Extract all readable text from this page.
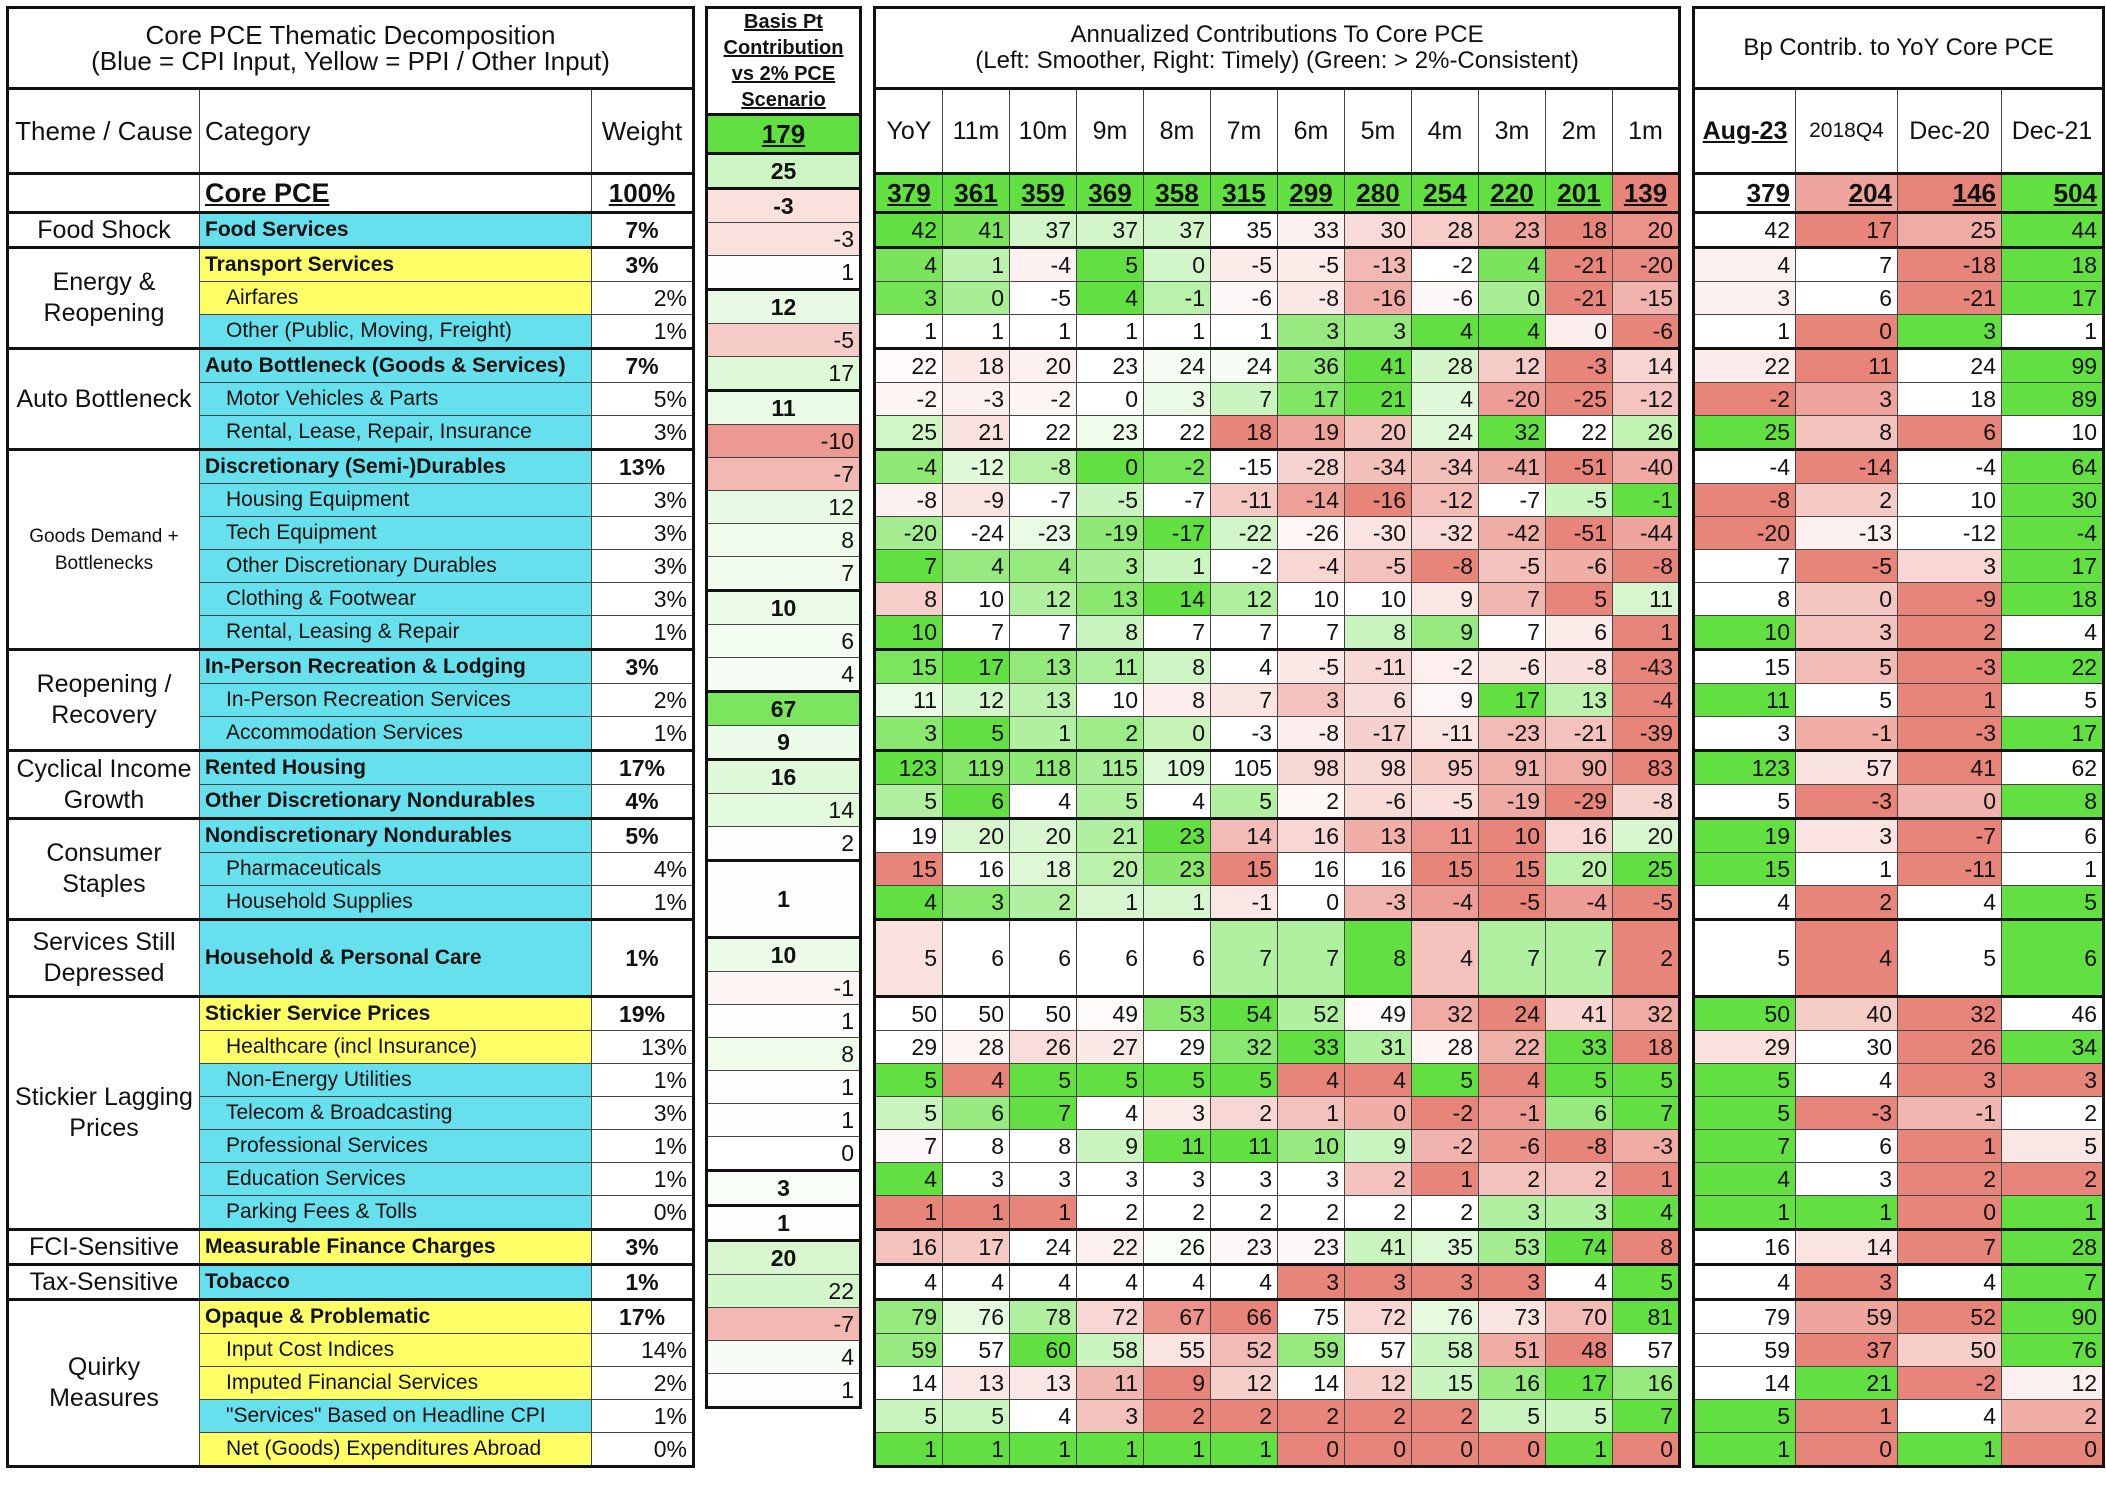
Core PCE Thematic Decomposition
(Blue = CPI Input, Yellow = PPI / Other Input)		

Theme / Cause	Category	Weight
	Core PCE	100%
Food Shock	Food Services	7%
Energy & Reopening	Transport Services	3%
	Airfares	2%
	Other (Public, Moving, Freight)	1%
Auto Bottleneck	Auto Bottleneck (Goods & Services)	7%
	Motor Vehicles & Parts	5%
	Rental, Lease, Repair, Insurance	3%
Goods Demand + Bottlenecks	Discretionary (Semi-)Durables	13%
	Housing Equipment	3%
	Tech Equipment	3%
	Other Discretionary Durables	3%
	Clothing & Footwear	3%
	Rental, Leasing & Repair	1%
Reopening / Recovery	In-Person Recreation & Lodging	3%
	In-Person Recreation Services	2%
	Accommodation Services	1%
Cyclical Income Growth	Rented Housing	17%
	Other Discretionary Nondurables	4%
Consumer Staples	Nondiscretionary Nondurables	5%
	Pharmaceuticals	4%
	Household Supplies	1%
Services Still Depressed	Household & Personal Care	1%
Stickier Lagging Prices	Stickier Service Prices	19%
	Healthcare (incl Insurance)	13%
	Non-Energy Utilities	1%
	Telecom & Broadcasting	3%
	Professional Services	1%
	Education Services	1%
	Parking Fees & Tolls	0%
FCI-Sensitive	Measurable Finance Charges	3%
Tax-Sensitive	Tobacco	1%
Quirky Measures	Opaque & Problematic	17%
	Input Cost Indices	14%
	Imputed Financial Services	2%
	"Services" Based on Headline CPI	1%
	Net (Goods) Expenditures Abroad	0%
Basis Pt Contribution vs 2% PCE Scenario

179
25
-3
-3
1
12
-5
17
11
-10
-7
12
8
7
10
6
4
67
9
16
14
2
1
10
-1
1
8
1
1
0
3
1
20
22
-7
4
1
Annualized Contributions To Core PCE
(Left: Smoother, Right: Timely) (Green: > 2%-Consistent)											

YoY	11m	10m	9m	8m	7m	6m	5m	4m	3m	2m	1m
379	361	359	369	358	315	299	280	254	220	201	139
42	41	37	37	37	35	33	30	28	23	18	20
4	1	-4	5	0	-5	-5	-13	-2	4	-21	-20
3	0	-5	4	-1	-6	-8	-16	-6	0	-21	-15
1	1	1	1	1	1	3	3	4	4	0	-6
22	18	20	23	24	24	36	41	28	12	-3	14
-2	-3	-2	0	3	7	17	21	4	-20	-25	-12
25	21	22	23	22	18	19	20	24	32	22	26
-4	-12	-8	0	-2	-15	-28	-34	-34	-41	-51	-40
-8	-9	-7	-5	-7	-11	-14	-16	-12	-7	-5	-1
-20	-24	-23	-19	-17	-22	-26	-30	-32	-42	-51	-44
7	4	4	3	1	-2	-4	-5	-8	-5	-6	-8
8	10	12	13	14	12	10	10	9	7	5	11
10	7	7	8	7	7	7	8	9	7	6	1
15	17	13	11	8	4	-5	-11	-2	-6	-8	-43
11	12	13	10	8	7	3	6	9	17	13	-4
3	5	1	2	0	-3	-8	-17	-11	-23	-21	-39
123	119	118	115	109	105	98	98	95	91	90	83
5	6	4	5	4	5	2	-6	-5	-19	-29	-8
19	20	20	21	23	14	16	13	11	10	16	20
15	16	18	20	23	15	16	16	15	15	20	25
4	3	2	1	1	-1	0	-3	-4	-5	-4	-5
5	6	6	6	6	7	7	8	4	7	7	2
50	50	50	49	53	54	52	49	32	24	41	32
29	28	26	27	29	32	33	31	28	22	33	18
5	4	5	5	5	5	4	4	5	4	5	5
5	6	7	4	3	2	1	0	-2	-1	6	7
7	8	8	9	11	11	10	9	-2	-6	-8	-3
4	3	3	3	3	3	3	2	1	2	2	1
1	1	1	2	2	2	2	2	2	3	3	4
16	17	24	22	26	23	23	41	35	53	74	8
4	4	4	4	4	4	3	3	3	3	4	5
79	76	78	72	67	66	75	72	76	73	70	81
59	57	60	58	55	52	59	57	58	51	48	57
14	13	13	11	9	12	14	12	15	16	17	16
5	5	4	3	2	2	2	2	2	5	5	7
1	1	1	1	1	1	0	0	0	0	1	0
Bp Contrib. to YoY Core PCE			
Aug-23	2018Q4	Dec-20	Dec-21
379	204	146	504
42	17	25	44
4	7	-18	18
3	6	-21	17
1	0	3	1
22	11	24	99
-2	3	18	89
25	8	6	10
-4	-14	-4	64
-8	2	10	30
-20	-13	-12	-4
7	-5	3	17
8	0	-9	18
10	3	2	4
15	5	-3	22
11	5	1	5
3	-1	-3	17
123	57	41	62
5	-3	0	8
19	3	-7	6
15	1	-11	1
4	2	4	5
5	4	5	6
50	40	32	46
29	30	26	34
5	4	3	3
5	-3	-1	2
7	6	1	5
4	3	2	2
1	1	0	1
16	14	7	28
4	3	4	7
79	59	52	90
59	37	50	76
14	21	-2	12
5	1	4	2
1	0	1	0
